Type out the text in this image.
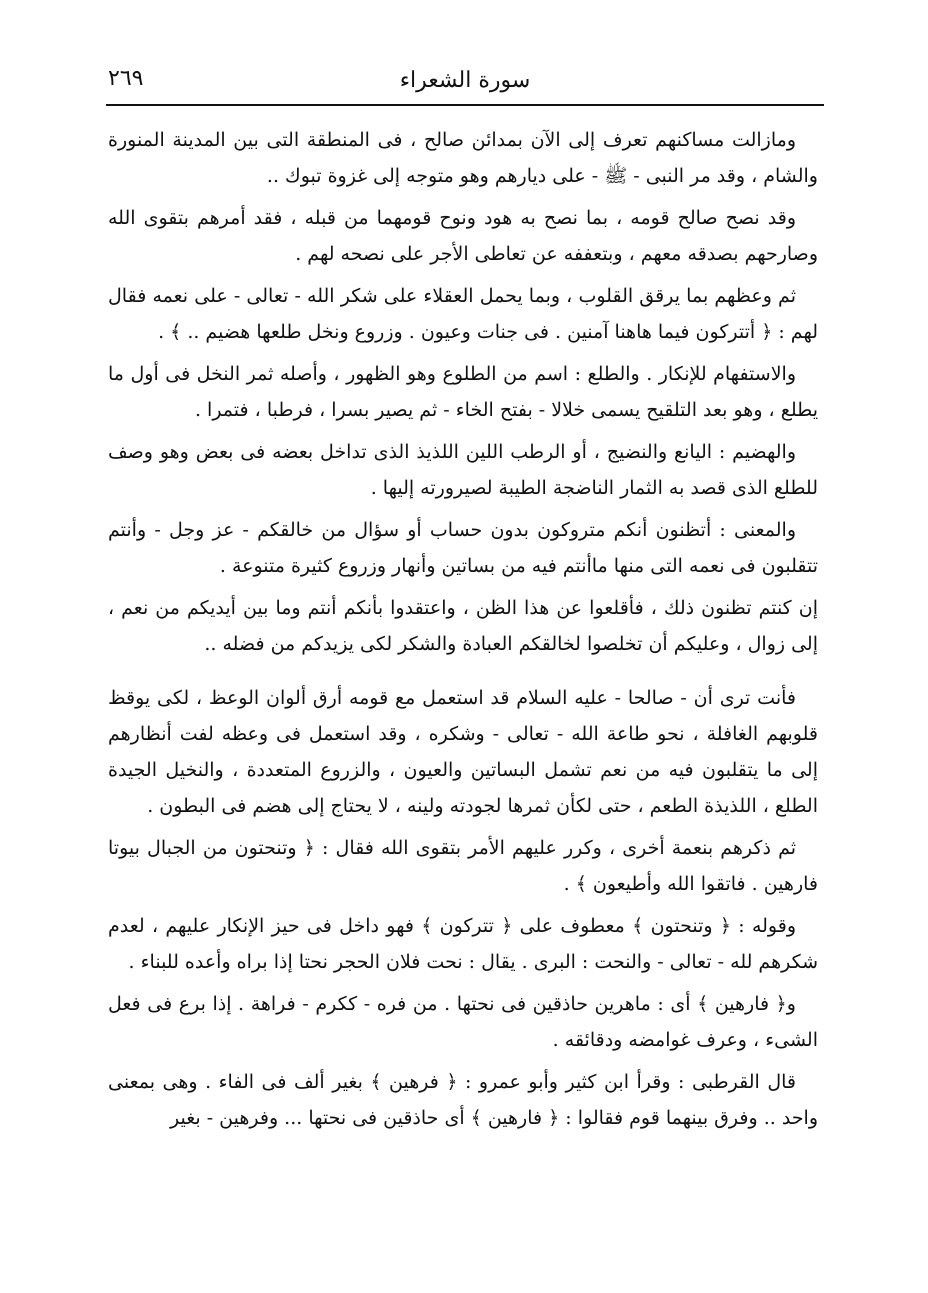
سورة الشعراء
٢٦٩

ومازالت مساكنهم تعرف إلى الآن بمدائن صالح ، فى المنطقة التى بين المدينة المنورة والشام ، وقد مر النبى - ﷺ - على ديارهم وهو متوجه إلى غزوة تبوك ..

وقد نصح صالح قومه ، بما نصح به هود ونوح قومهما من قبله ، فقد أمرهم بتقوى الله وصارحهم بصدقه معهم ، وبتعففه عن تعاطى الأجر على نصحه لهم .

ثم وعظهم بما يرقق القلوب ، وبما يحمل العقلاء على شكر الله - تعالى - على نعمه فقال لهم : ﴿ أتتركون فيما هاهنا آمنين . فى جنات وعيون . وزروع ونخل طلعها هضيم .. ﴾ .

والاستفهام للإنكار . والطلع : اسم من الطلوع وهو الظهور ، وأصله ثمر النخل فى أول ما يطلع ، وهو بعد التلقيح يسمى خلالا - بفتح الخاء - ثم يصير بسرا ، فرطبا ، فتمرا .

والهضيم : اليانع والنضيج ، أو الرطب اللين اللذيذ الذى تداخل بعضه فى بعض وهو وصف للطلع الذى قصد به الثمار الناضجة الطيبة لصيرورته إليها .

والمعنى : أتظنون أنكم متروكون بدون حساب أو سؤال من خالقكم - عز وجل - وأنتم تتقلبون فى نعمه التى منها ماأنتم فيه من بساتين وأنهار وزروع كثيرة متنوعة .

إن كنتم تظنون ذلك ، فأقلعوا عن هذا الظن ، واعتقدوا بأنكم أنتم وما بين أيديكم من نعم ، إلى زوال ، وعليكم أن تخلصوا لخالقكم العبادة والشكر لكى يزيدكم من فضله ..

فأنت ترى أن - صالحا - عليه السلام قد استعمل مع قومه أرق ألوان الوعظ ، لكى يوقظ قلوبهم الغافلة ، نحو طاعة الله - تعالى - وشكره ، وقد استعمل فى وعظه لفت أنظارهم إلى ما يتقلبون فيه من نعم تشمل البساتين والعيون ، والزروع المتعددة ، والنخيل الجيدة الطلع ، اللذيذة الطعم ، حتى لكأن ثمرها لجودته ولينه ، لا يحتاج إلى هضم فى البطون .

ثم ذكرهم بنعمة أخرى ، وكرر عليهم الأمر بتقوى الله فقال : ﴿ وتنحتون من الجبال بيوتا فارهين . فاتقوا الله وأطيعون ﴾ .

وقوله : ﴿ وتنحتون ﴾ معطوف على ﴿ تتركون ﴾ فهو داخل فى حيز الإنكار عليهم ، لعدم شكرهم لله - تعالى - والنحت : البرى . يقال : نحت فلان الحجر نحتا إذا براه وأعده للبناء .

و﴿ فارهين ﴾ أى : ماهرين حاذقين فى نحتها . من فره - ككرم - فراهة . إذا برع فى فعل الشىء ، وعرف غوامضه ودقائقه .

قال القرطبى : وقرأ ابن كثير وأبو عمرو : ﴿ فرهين ﴾ بغير ألف فى الفاء . وهى بمعنى واحد .. وفرق بينهما قوم فقالوا : ﴿ فارهين ﴾ أى حاذقين فى نحتها ... وفرهين - بغير
